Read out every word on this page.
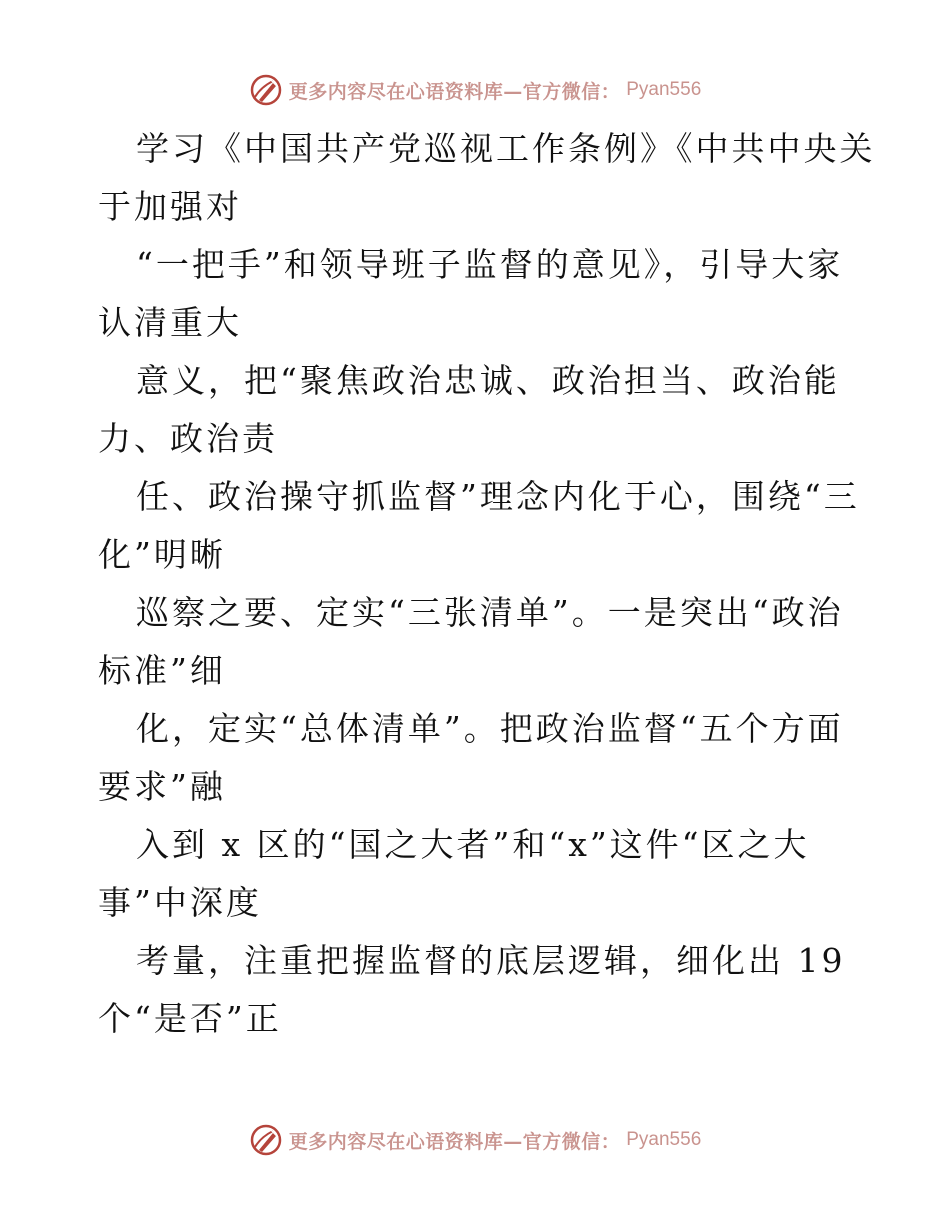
更多内容尽在心语资料库—官方微信： Pyan556
学习《中国共产党巡视工作条例》《中共中央关
于加强对
“一把手”和领导班子监督的意见》，引导大家
认清重大
意义，把“聚焦政治忠诚、政治担当、政治能
力、政治责
任、政治操守抓监督”理念内化于心，围绕“三
化”明晰
巡察之要、定实“三张清单”。一是突出“政治
标准”细
化，定实“总体清单”。把政治监督“五个方面
要求”融
入到 x 区的“国之大者”和“x”这件“区之大
事”中深度
考量，注重把握监督的底层逻辑，细化出 19
个“是否”正
更多内容尽在心语资料库—官方微信： Pyan556
